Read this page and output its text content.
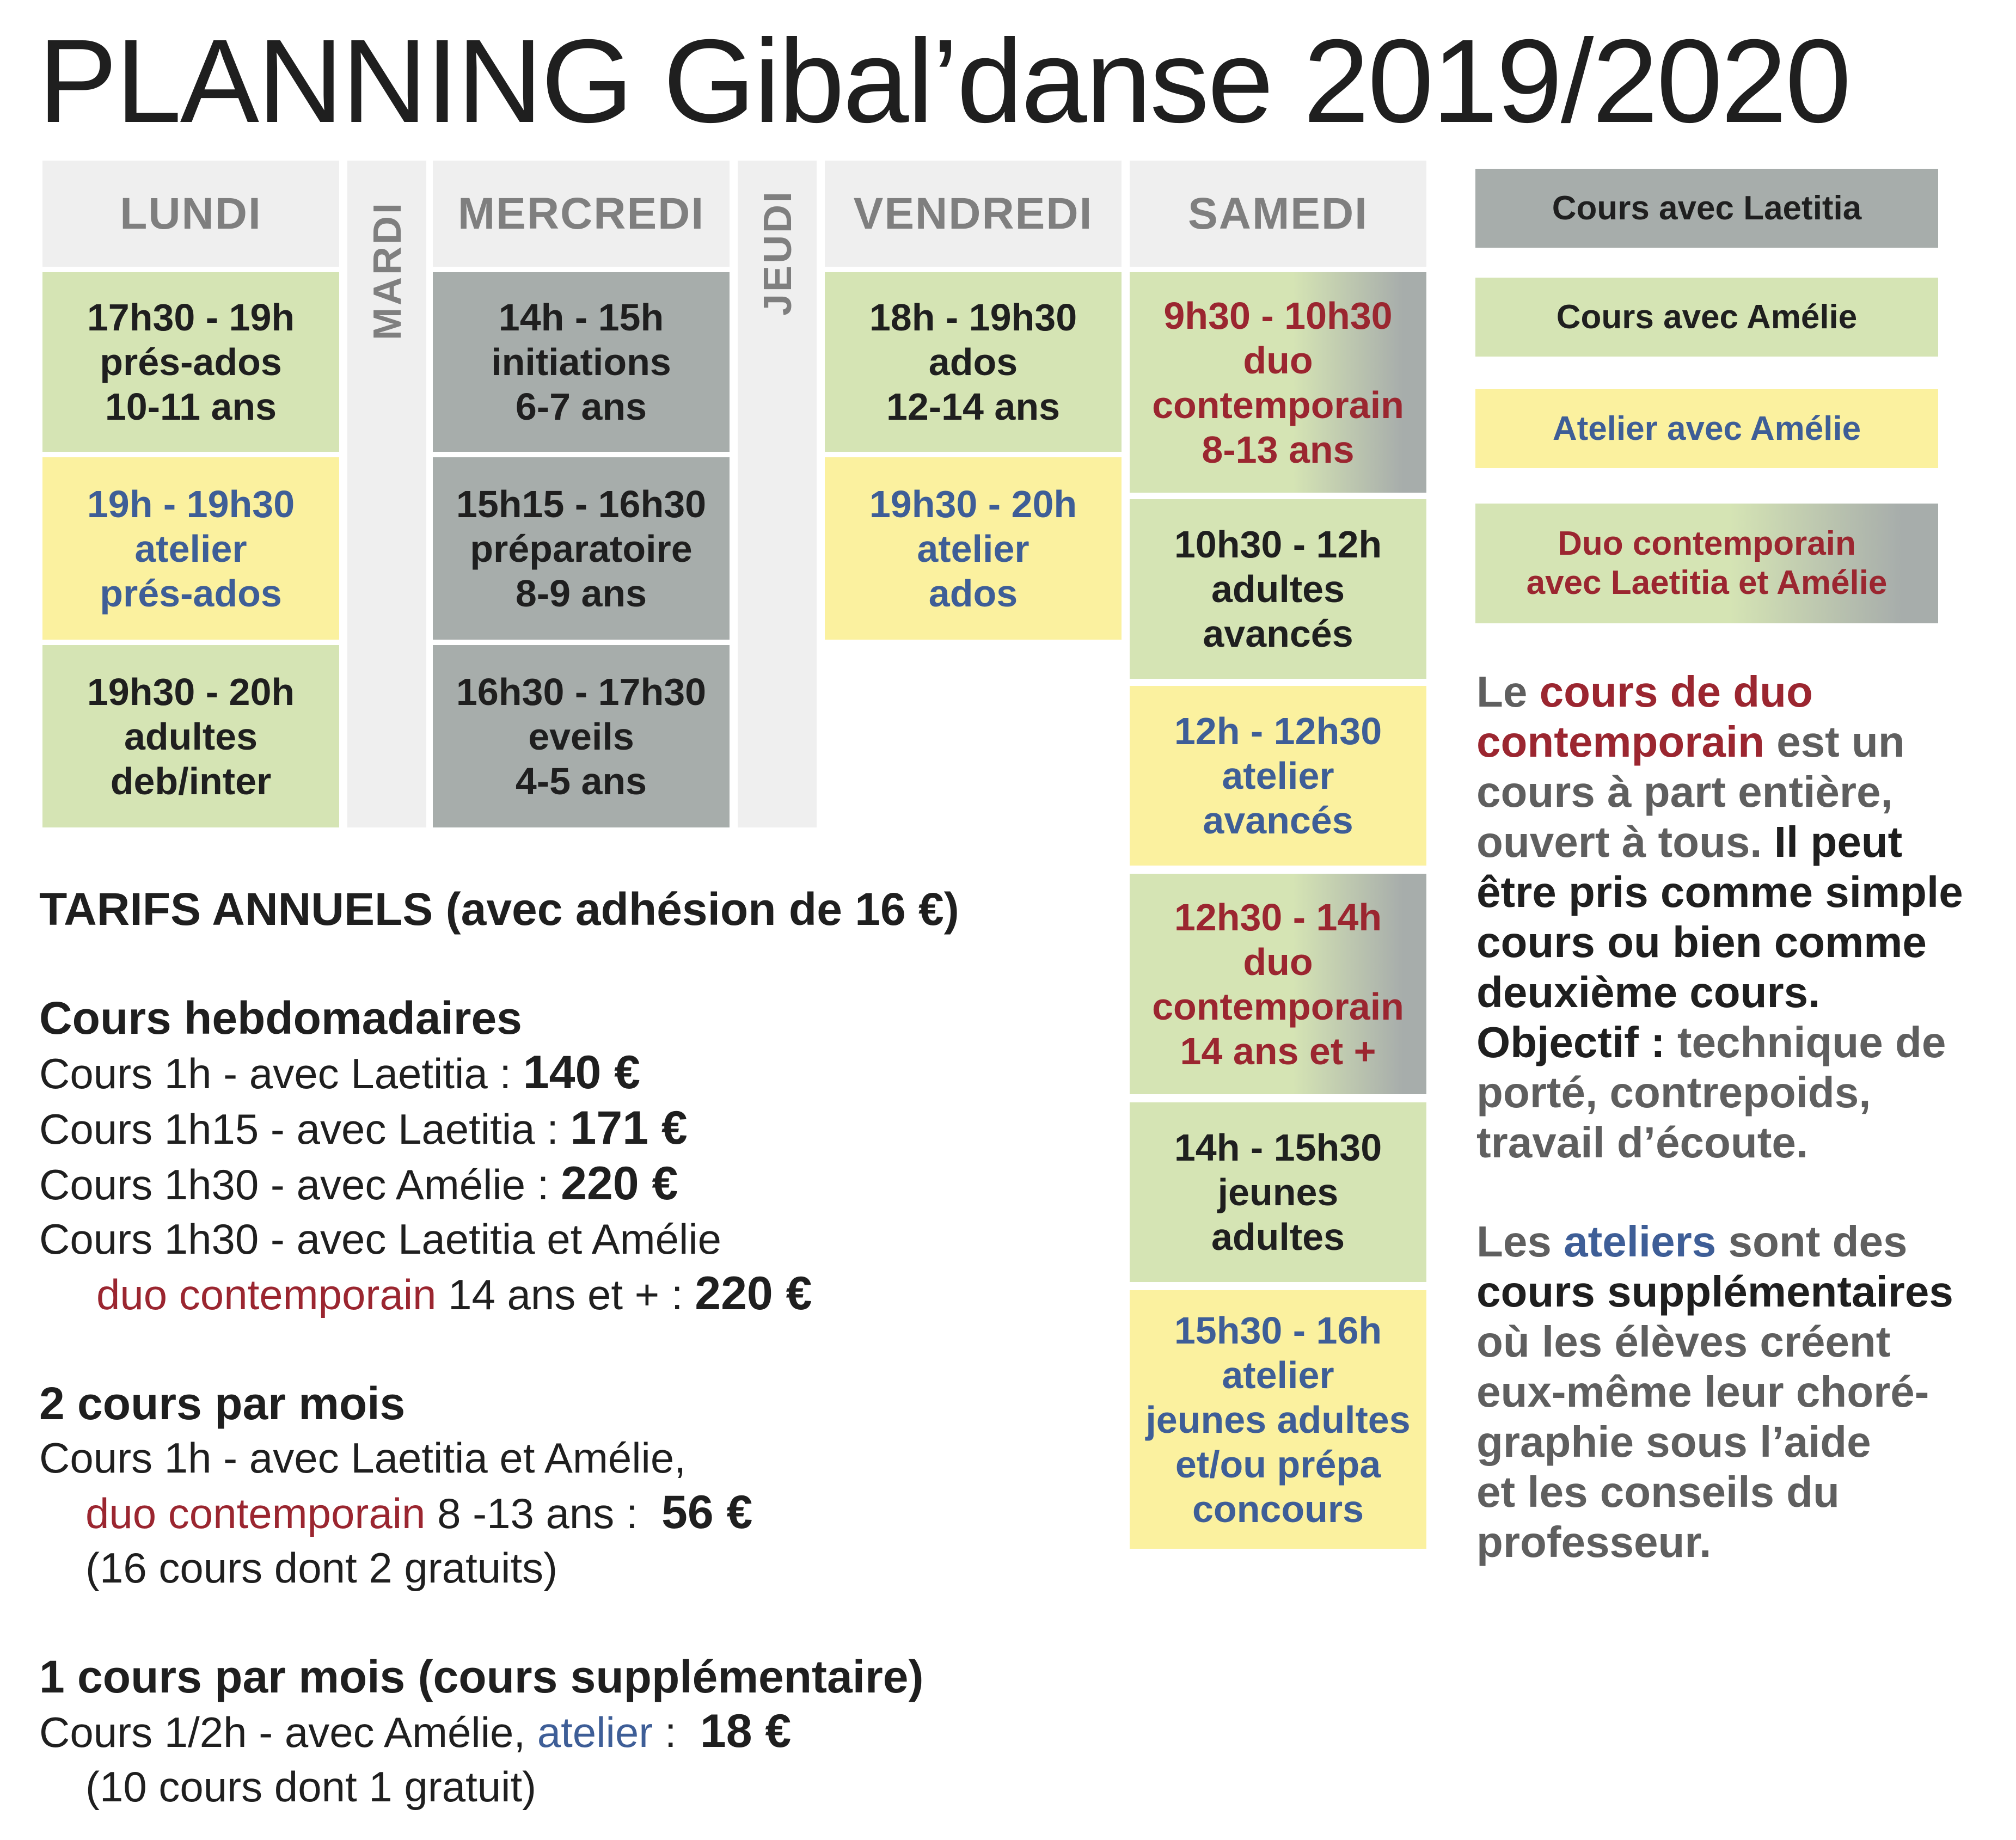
PLANNING Gibal’danse 2019/2020
LUNDI
17h30 - 19h
prés-ados
10-11 ans
19h - 19h30
atelier
prés-ados
19h30 - 20h
adultes
deb/inter
MARDI	MERCREDI
14h - 15h
initiations
6-7 ans
15h15 - 16h30
préparatoire
8-9 ans
16h30 - 17h30
eveils
4-5 ans
JEUDI	VENDREDI
18h - 19h30
ados
12-14 ans
19h30 - 20h
atelier
ados
SAMEDI
9h30 - 10h30
duo
contemporain
8-13 ans
10h30 - 12h
adultes
avancés
12h - 12h30
atelier
avancés
12h30 - 14h
duo
contemporain
14 ans et +
14h - 15h30
jeunes
adultes
15h30 - 16h
atelier
jeunes adultes
et/ou prépa
concours
Cours avec Laetitia
Cours avec Amélie
Atelier avec Amélie
Duo contemporain
avec Laetitia et Amélie
TARIFS ANNUELS (avec adhésion de 16 €)
Cours hebdomadaires
Cours 1h - avec Laetitia : 140 €
Cours 1h15 - avec Laetitia : 171 €
Cours 1h30 - avec Amélie : 220 €
Cours 1h30 - avec Laetitia et Amélie
duo contemporain 14 ans et + : 220 €
2 cours par mois
Cours 1h - avec Laetitia et Amélie,
duo contemporain 8 -13 ans :  56 €
(16 cours dont 2 gratuits)
1 cours par mois (cours supplémentaire)
Cours 1/2h - avec Amélie, atelier :  18 €
(10 cours dont 1 gratuit)
Le cours de duo
contemporain est un
cours à part entière,
ouvert à tous. Il peut
être pris comme simple
cours ou bien comme
deuxième cours.
Objectif : technique de
porté, contrepoids,
travail d’écoute.
Les ateliers sont des
cours supplémentaires
où les élèves créent
eux-même leur choré-
graphie sous l’aide
et les conseils du
professeur.
